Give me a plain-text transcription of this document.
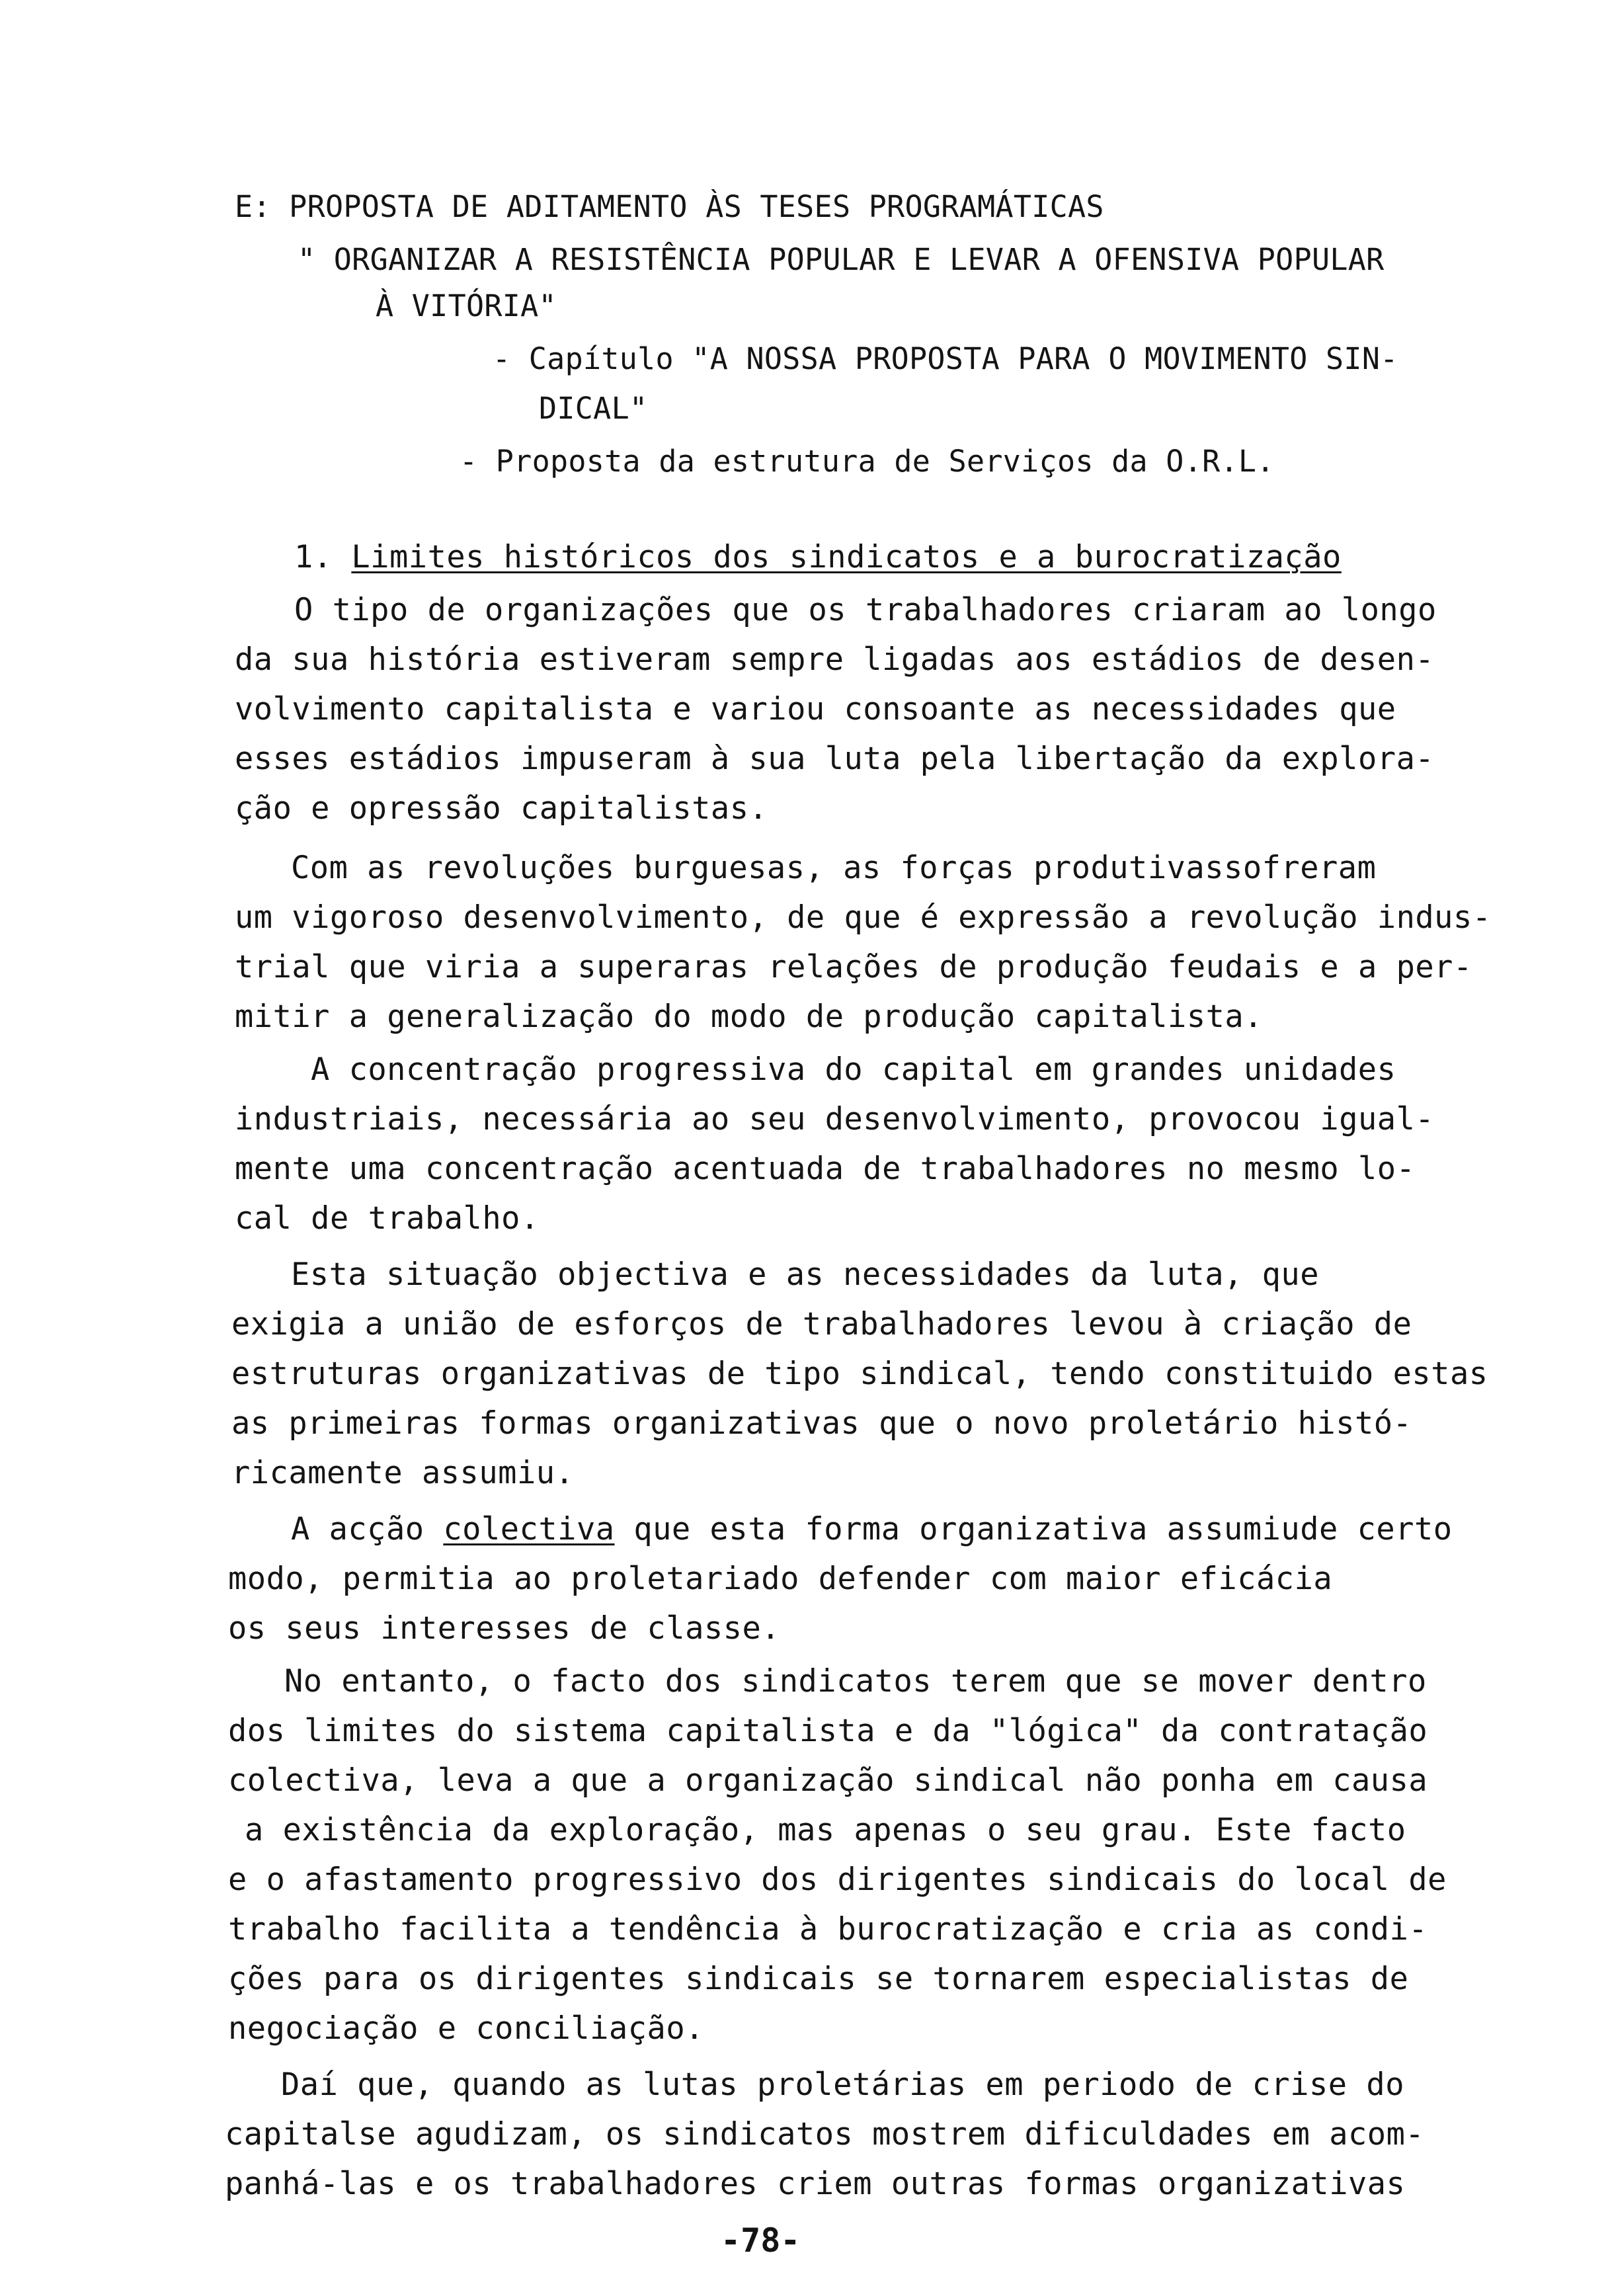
E: PROPOSTA DE ADITAMENTO ÀS TESES PROGRAMÁTICAS
" ORGANIZAR A RESISTÊNCIA POPULAR E LEVAR A OFENSIVA POPULAR
À VITÓRIA"
- Capítulo "A NOSSA PROPOSTA PARA O MOVIMENTO SIN-
DICAL"
- Proposta da estrutura de Serviços da O.R.L.
1. Limites históricos dos sindicatos e a burocratização
O tipo de organizações que os trabalhadores criaram ao longo
da sua história estiveram sempre ligadas aos estádios de desen-
volvimento capitalista e variou consoante as necessidades que
esses estádios impuseram à sua luta pela libertação da explora-
ção e opressão capitalistas.
Com as revoluções burguesas, as forças produtivassofreram
um vigoroso desenvolvimento, de que é expressão a revolução indus-
trial que viria a superaras relações de produção feudais e a per-
mitir a generalização do modo de produção capitalista.
A concentração progressiva do capital em grandes unidades
industriais, necessária ao seu desenvolvimento, provocou igual-
mente uma concentração acentuada de trabalhadores no mesmo lo-
cal de trabalho.
Esta situação objectiva e as necessidades da luta, que
exigia a união de esforços de trabalhadores levou à criação de
estruturas organizativas de tipo sindical, tendo constituido estas
as primeiras formas organizativas que o novo proletário histó-
ricamente assumiu.
A acção colectiva que esta forma organizativa assumiude certo
modo, permitia ao proletariado defender com maior eficácia
os seus interesses de classe.
No entanto, o facto dos sindicatos terem que se mover dentro
dos limites do sistema capitalista e da "lógica" da contratação
colectiva, leva a que a organização sindical não ponha em causa
a existência da exploração, mas apenas o seu grau. Este facto
e o afastamento progressivo dos dirigentes sindicais do local de
trabalho facilita a tendência à burocratização e cria as condi-
ções para os dirigentes sindicais se tornarem especialistas de
negociação e conciliação.
Daí que, quando as lutas proletárias em periodo de crise do
capitalse agudizam, os sindicatos mostrem dificuldades em acom-
panhá-las e os trabalhadores criem outras formas organizativas
-78-
